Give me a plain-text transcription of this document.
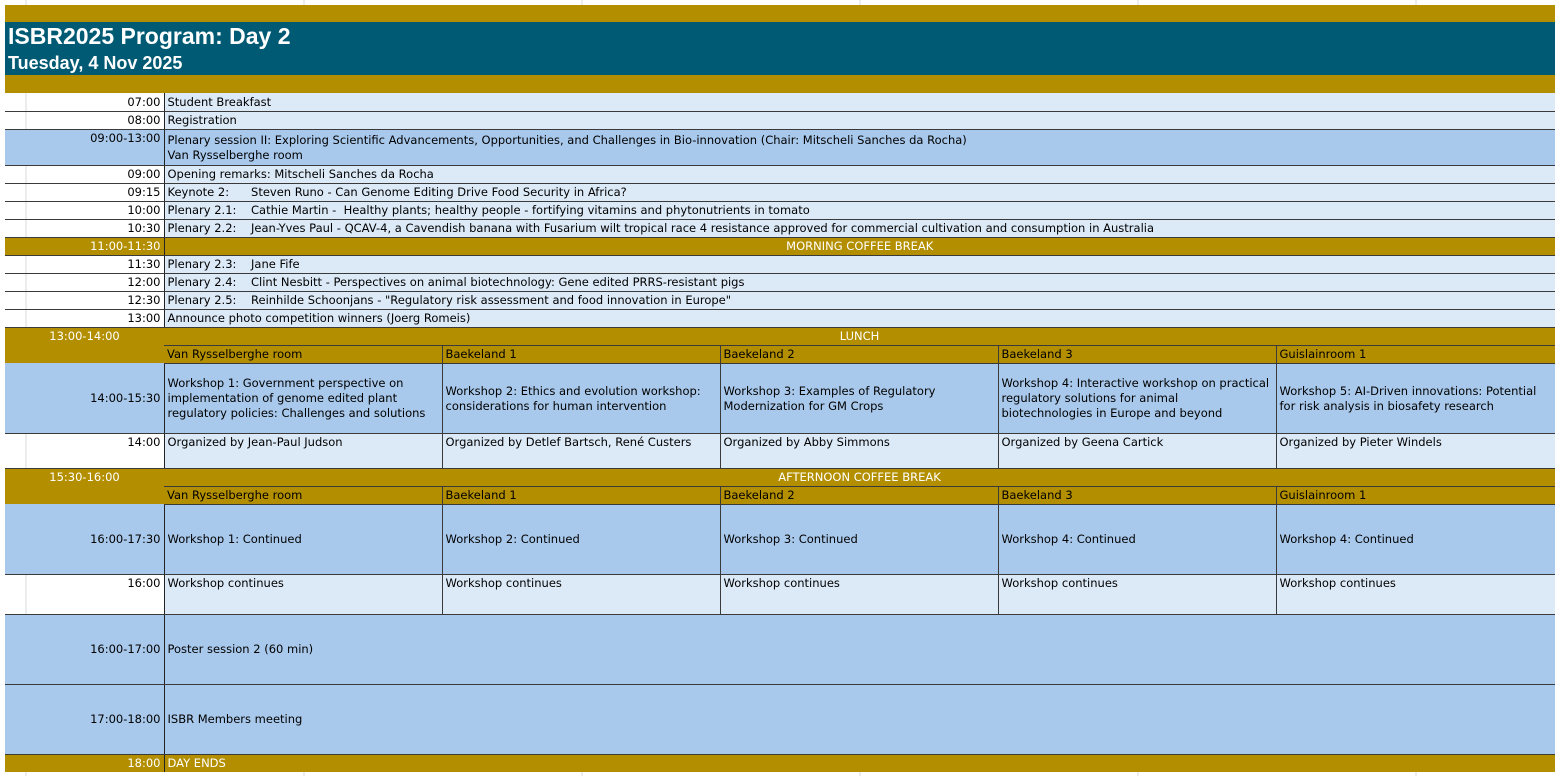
ISBR2025 Program: Day 2					
Tuesday, 4 Nov 2025					

07:00	Student Breakfast				
08:00	Registration				
09:00-13:00	Plenary session II: Exploring Scientific Advancements, Opportunities, and Challenges in Bio-innovation (Chair: Mitscheli Sanches da Rocha)
Van Rysselberghe room				

09:00	Opening remarks: Mitscheli Sanches da Rocha				
09:15	Keynote 2:      Steven Runo - Can Genome Editing Drive Food Security in Africa?				
10:00	Plenary 2.1:    Cathie Martin -  Healthy plants; healthy people - fortifying vitamins and phytonutrients in tomato				
10:30	Plenary 2.2:    Jean-Yves Paul - QCAV-4, a Cavendish banana with Fusarium wilt tropical race 4 resistance approved for commercial cultivation and consumption in Australia				
11:00-11:30	MORNING COFFEE BREAK				
11:30	Plenary 2.3:    Jane Fife				
12:00	Plenary 2.4:    Clint Nesbitt - Perspectives on animal biotechnology: Gene edited PRRS-resistant pigs				
12:30	Plenary 2.5:    Reinhilde Schoonjans - "Regulatory risk assessment and food innovation in Europe"				
13:00	Announce photo competition winners (Joerg Romeis)				
13:00-14:00	LUNCH				
	Van Rysselberghe room	Baekeland 1	Baekeland 2	Baekeland 3	Guislainroom 1
14:00-15:30	Workshop 1: Government perspective on implementation of genome edited plant regulatory policies: Challenges and solutions	Workshop 2: Ethics and evolution workshop: considerations for human intervention	Workshop 3: Examples of Regulatory Modernization for GM Crops	Workshop 4: Interactive workshop on practical regulatory solutions for animal biotechnologies in Europe and beyond	Workshop 5: AI-Driven innovations: Potential for risk analysis in biosafety research
14:00	Organized by Jean-Paul Judson	Organized by Detlef Bartsch, René Custers	Organized by Abby Simmons	Organized by Geena Cartick	Organized by Pieter Windels
15:30-16:00	AFTERNOON COFFEE BREAK				
	Van Rysselberghe room	Baekeland 1	Baekeland 2	Baekeland 3	Guislainroom 1
16:00-17:30	Workshop 1: Continued	Workshop 2: Continued	Workshop 3: Continued	Workshop 4: Continued	Workshop 4: Continued
16:00	Workshop continues	Workshop continues	Workshop continues	Workshop continues	Workshop continues
16:00-17:00	Poster session 2 (60 min)				
17:00-18:00	ISBR Members meeting				
18:00	DAY ENDS				
